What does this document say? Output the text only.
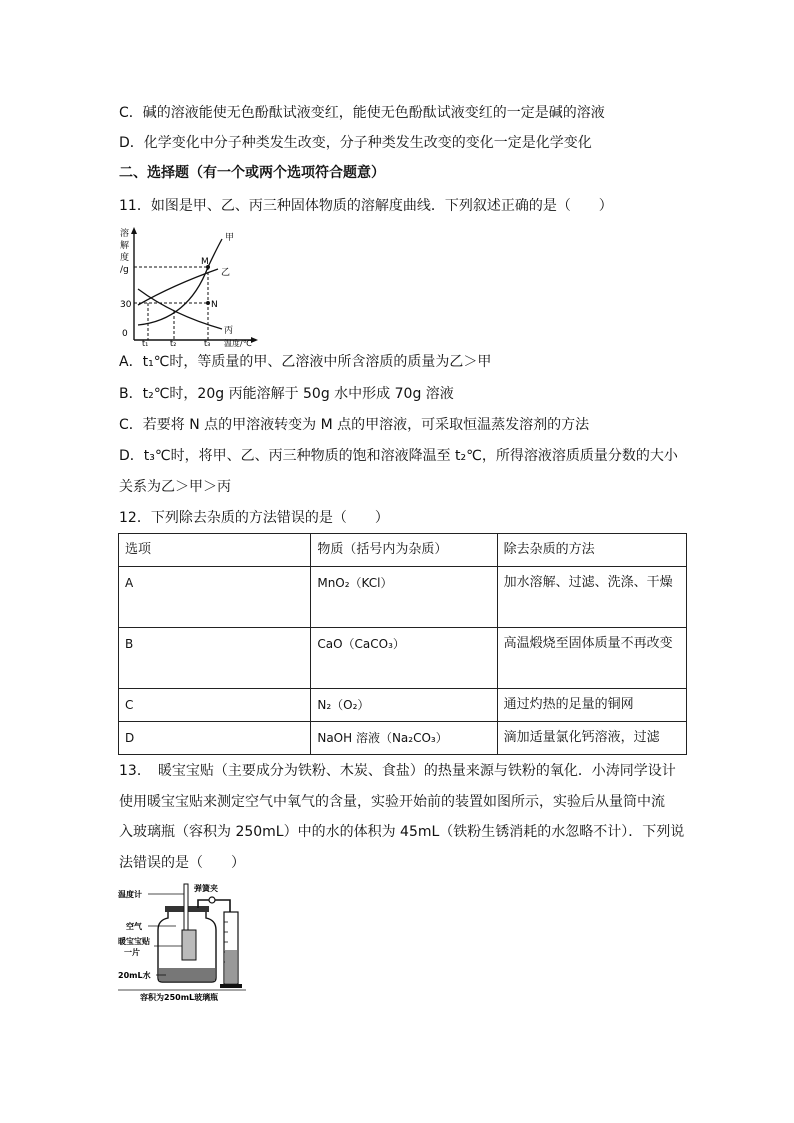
C．碱的溶液能使无色酚酞试液变红，能使无色酚酞试液变红的一定是碱的溶液
D．化学变化中分子种类发生改变，分子种类发生改变的变化一定是化学变化
二、选择题（有一个或两个选项符合题意）
11．如图是甲、乙、丙三种固体物质的溶解度曲线．下列叙述正确的是（　　）
溶
解
度
/g
30
0
t₁	t₂	t₃ 温度/℃
M
N
甲
乙
丙
A．t₁℃时，等质量的甲、乙溶液中所含溶质的质量为乙＞甲
B．t₂℃时，20g 丙能溶解于 50g 水中形成 70g 溶液
C．若要将 N 点的甲溶液转变为 M 点的甲溶液，可采取恒温蒸发溶剂的方法
D．t₃℃时，将甲、乙、丙三种物质的饱和溶液降温至 t₂℃，所得溶液溶质质量分数的大小
关系为乙＞甲＞丙
12．下列除去杂质的方法错误的是（　　）
选项	物质（括号内为杂质）	除去杂质的方法
A	MnO₂（KCl）	加水溶解、过滤、洗涤、干燥
B	CaO（CaCO₃）	高温煅烧至固体质量不再改变
C	N₂（O₂）	通过灼热的足量的铜网
D	NaOH 溶液（Na₂CO₃）	滴加适量氯化钙溶液，过滤
13．　暖宝宝贴（主要成分为铁粉、木炭、食盐）的热量来源与铁粉的氧化．小涛同学设计
使用暖宝宝贴来测定空气中氧气的含量，实验开始前的装置如图所示，实验后从量筒中流
入玻璃瓶（容积为 250mL）中的水的体积为 45mL（铁粉生锈消耗的水忽略不计）．下列说
法错误的是（　　）
温度计
弹簧夹
空气
暖宝宝贴
一片
20mL水
容积为250mL玻璃瓶
